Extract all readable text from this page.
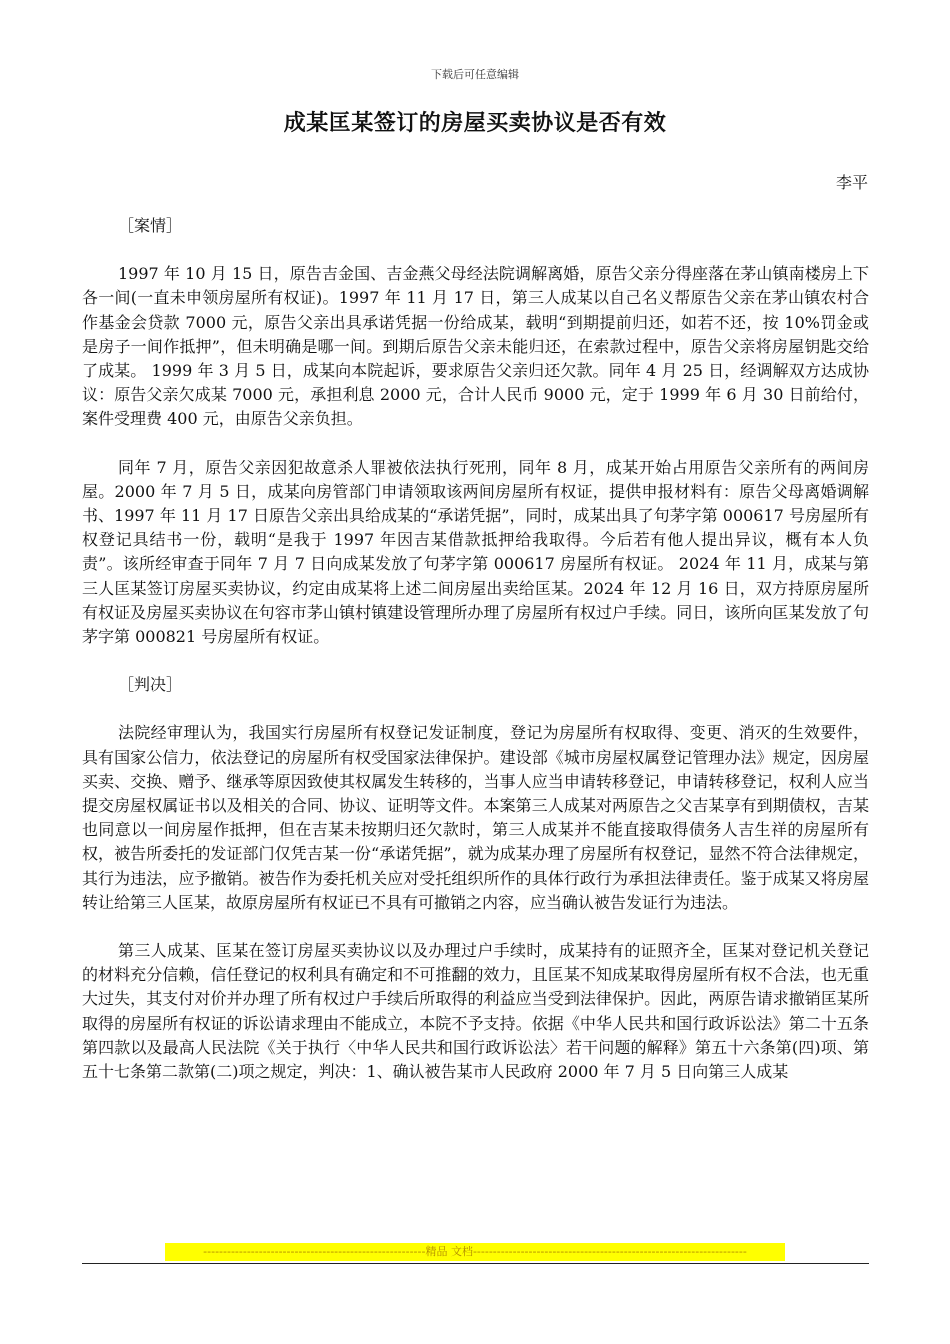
下载后可任意编辑
成某匡某签订的房屋买卖协议是否有效
李平
［案情］

1997 年 10 月 15 日，原告吉金国、吉金燕父母经法院调解离婚，原告父亲分得座落在茅山镇南楼房上下各一间(一直未申领房屋所有权证)。1997 年 11 月 17 日，第三人成某以自己名义帮原告父亲在茅山镇农村合作基金会贷款 7000 元，原告父亲出具承诺凭据一份给成某，载明“到期提前归还，如若不还，按 10%罚金或是房子一间作抵押”，但未明确是哪一间。到期后原告父亲未能归还，在索款过程中，原告父亲将房屋钥匙交给了成某。 1999 年 3 月 5 日，成某向本院起诉，要求原告父亲归还欠款。同年 4 月 25 日，经调解双方达成协议：原告父亲欠成某 7000 元，承担利息 2000 元，合计人民币 9000 元，定于 1999 年 6 月 30 日前给付，案件受理费 400 元，由原告父亲负担。

同年 7 月，原告父亲因犯故意杀人罪被依法执行死刑，同年 8 月，成某开始占用原告父亲所有的两间房屋。2000 年 7 月 5 日，成某向房管部门申请领取该两间房屋所有权证，提供申报材料有：原告父母离婚调解书、1997 年 11 月 17 日原告父亲出具给成某的“承诺凭据”，同时，成某出具了句茅字第 000617 号房屋所有权登记具结书一份，载明“是我于 1997 年因吉某借款抵押给我取得。今后若有他人提出异议，概有本人负责”。该所经审查于同年 7 月 7 日向成某发放了句茅字第 000617 房屋所有权证。 2024 年 11 月，成某与第三人匡某签订房屋买卖协议，约定由成某将上述二间房屋出卖给匡某。2024 年 12 月 16 日，双方持原房屋所有权证及房屋买卖协议在句容市茅山镇村镇建设管理所办理了房屋所有权过户手续。同日，该所向匡某发放了句茅字第 000821 号房屋所有权证。

［判决］

法院经审理认为，我国实行房屋所有权登记发证制度，登记为房屋所有权取得、变更、消灭的生效要件，具有国家公信力，依法登记的房屋所有权受国家法律保护。建设部《城市房屋权属登记管理办法》规定，因房屋买卖、交换、赠予、继承等原因致使其权属发生转移的，当事人应当申请转移登记，申请转移登记，权利人应当提交房屋权属证书以及相关的合同、协议、证明等文件。本案第三人成某对两原告之父吉某享有到期债权，吉某也同意以一间房屋作抵押，但在吉某未按期归还欠款时，第三人成某并不能直接取得债务人吉生祥的房屋所有权，被告所委托的发证部门仅凭吉某一份“承诺凭据”，就为成某办理了房屋所有权登记，显然不符合法律规定，其行为违法，应予撤销。被告作为委托机关应对受托组织所作的具体行政行为承担法律责任。鉴于成某又将房屋转让给第三人匡某，故原房屋所有权证已不具有可撤销之内容，应当确认被告发证行为违法。

第三人成某、匡某在签订房屋买卖协议以及办理过户手续时，成某持有的证照齐全，匡某对登记机关登记的材料充分信赖，信任登记的权利具有确定和不可推翻的效力，且匡某不知成某取得房屋所有权不合法，也无重大过失，其支付对价并办理了所有权过户手续后所取得的利益应当受到法律保护。因此，两原告请求撤销匡某所取得的房屋所有权证的诉讼请求理由不能成立，本院不予支持。依据《中华人民共和国行政诉讼法》第二十五条第四款以及最高人民法院《关于执行〈中华人民共和国行政诉讼法〉若干问题的解释》第五十六条第(四)项、第五十七条第二款第(二)项之规定，判决：1、确认被告某市人民政府 2000 年 7 月 5 日向第三人成某

--------------------------------------------------------精品 文档---------------------------------------------------------------------
